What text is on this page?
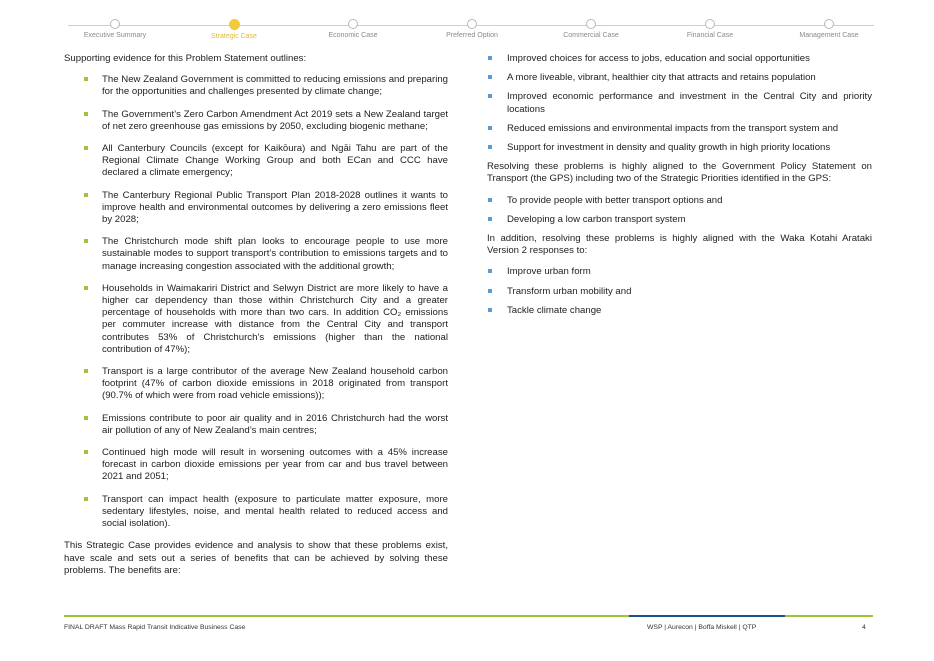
Executive Summary	Strategic Case	Economic Case	Preferred Option	Commercial Case	Financial Case	Management Case

Supporting evidence for this Problem Statement outlines:

The New Zealand Government is committed to reducing emissions and preparing for the opportunities and challenges presented by climate change;
The Government’s Zero Carbon Amendment Act 2019 sets a New Zealand target of net zero greenhouse gas emissions by 2050, excluding biogenic methane;
All Canterbury Councils (except for Kaikōura) and Ngāi Tahu are part of the Regional Climate Change Working Group and both ECan and CCC have declared a climate emergency;
The Canterbury Regional Public Transport Plan 2018-2028 outlines it wants to improve health and environmental outcomes by delivering a zero emissions fleet by 2028;
The Christchurch mode shift plan looks to encourage people to use more sustainable modes to support transport’s contribution to emissions targets and to manage increasing congestion associated with the additional growth;
Households in Waimakariri District and Selwyn District are more likely to have a higher car dependency than those within Christchurch City and a greater percentage of households with more than two cars. In addition CO₂ emissions per commuter increase with distance from the Central City and transport contributes 53% of Christchurch’s emissions (higher than the national contribution of 47%);
Transport is a large contributor of the average New Zealand household carbon footprint (47% of carbon dioxide emissions in 2018 originated from transport (90.7% of which were from road vehicle emissions));
Emissions contribute to poor air quality and in 2016 Christchurch had the worst air pollution of any of New Zealand’s main centres;
Continued high mode will result in worsening outcomes with a 45% increase forecast in carbon dioxide emissions per year from car and bus travel between 2021 and 2051;
Transport can impact health (exposure to particulate matter exposure, more sedentary lifestyles, noise, and mental health related to reduced access and social isolation).

This Strategic Case provides evidence and analysis to show that these problems exist, have scale and sets out a series of benefits that can be achieved by solving these problems. The benefits are:

Improved choices for access to jobs, education and social opportunities
A more liveable, vibrant, healthier city that attracts and retains population
Improved economic performance and investment in the Central City and priority locations
Reduced emissions and environmental impacts from the transport system and
Support for investment in density and quality growth in high priority locations

Resolving these problems is highly aligned to the Government Policy Statement on Transport (the GPS) including two of the Strategic Priorities identified in the GPS:

To provide people with better transport options and
Developing a low carbon transport system

In addition, resolving these problems is highly aligned with the Waka Kotahi Arataki Version 2 responses to:

Improve urban form
Transform urban mobility and
Tackle climate change
FINAL DRAFT Mass Rapid Transit Indicative Business Case	WSP | Aurecon | Boffa Miskell | QTP	4
